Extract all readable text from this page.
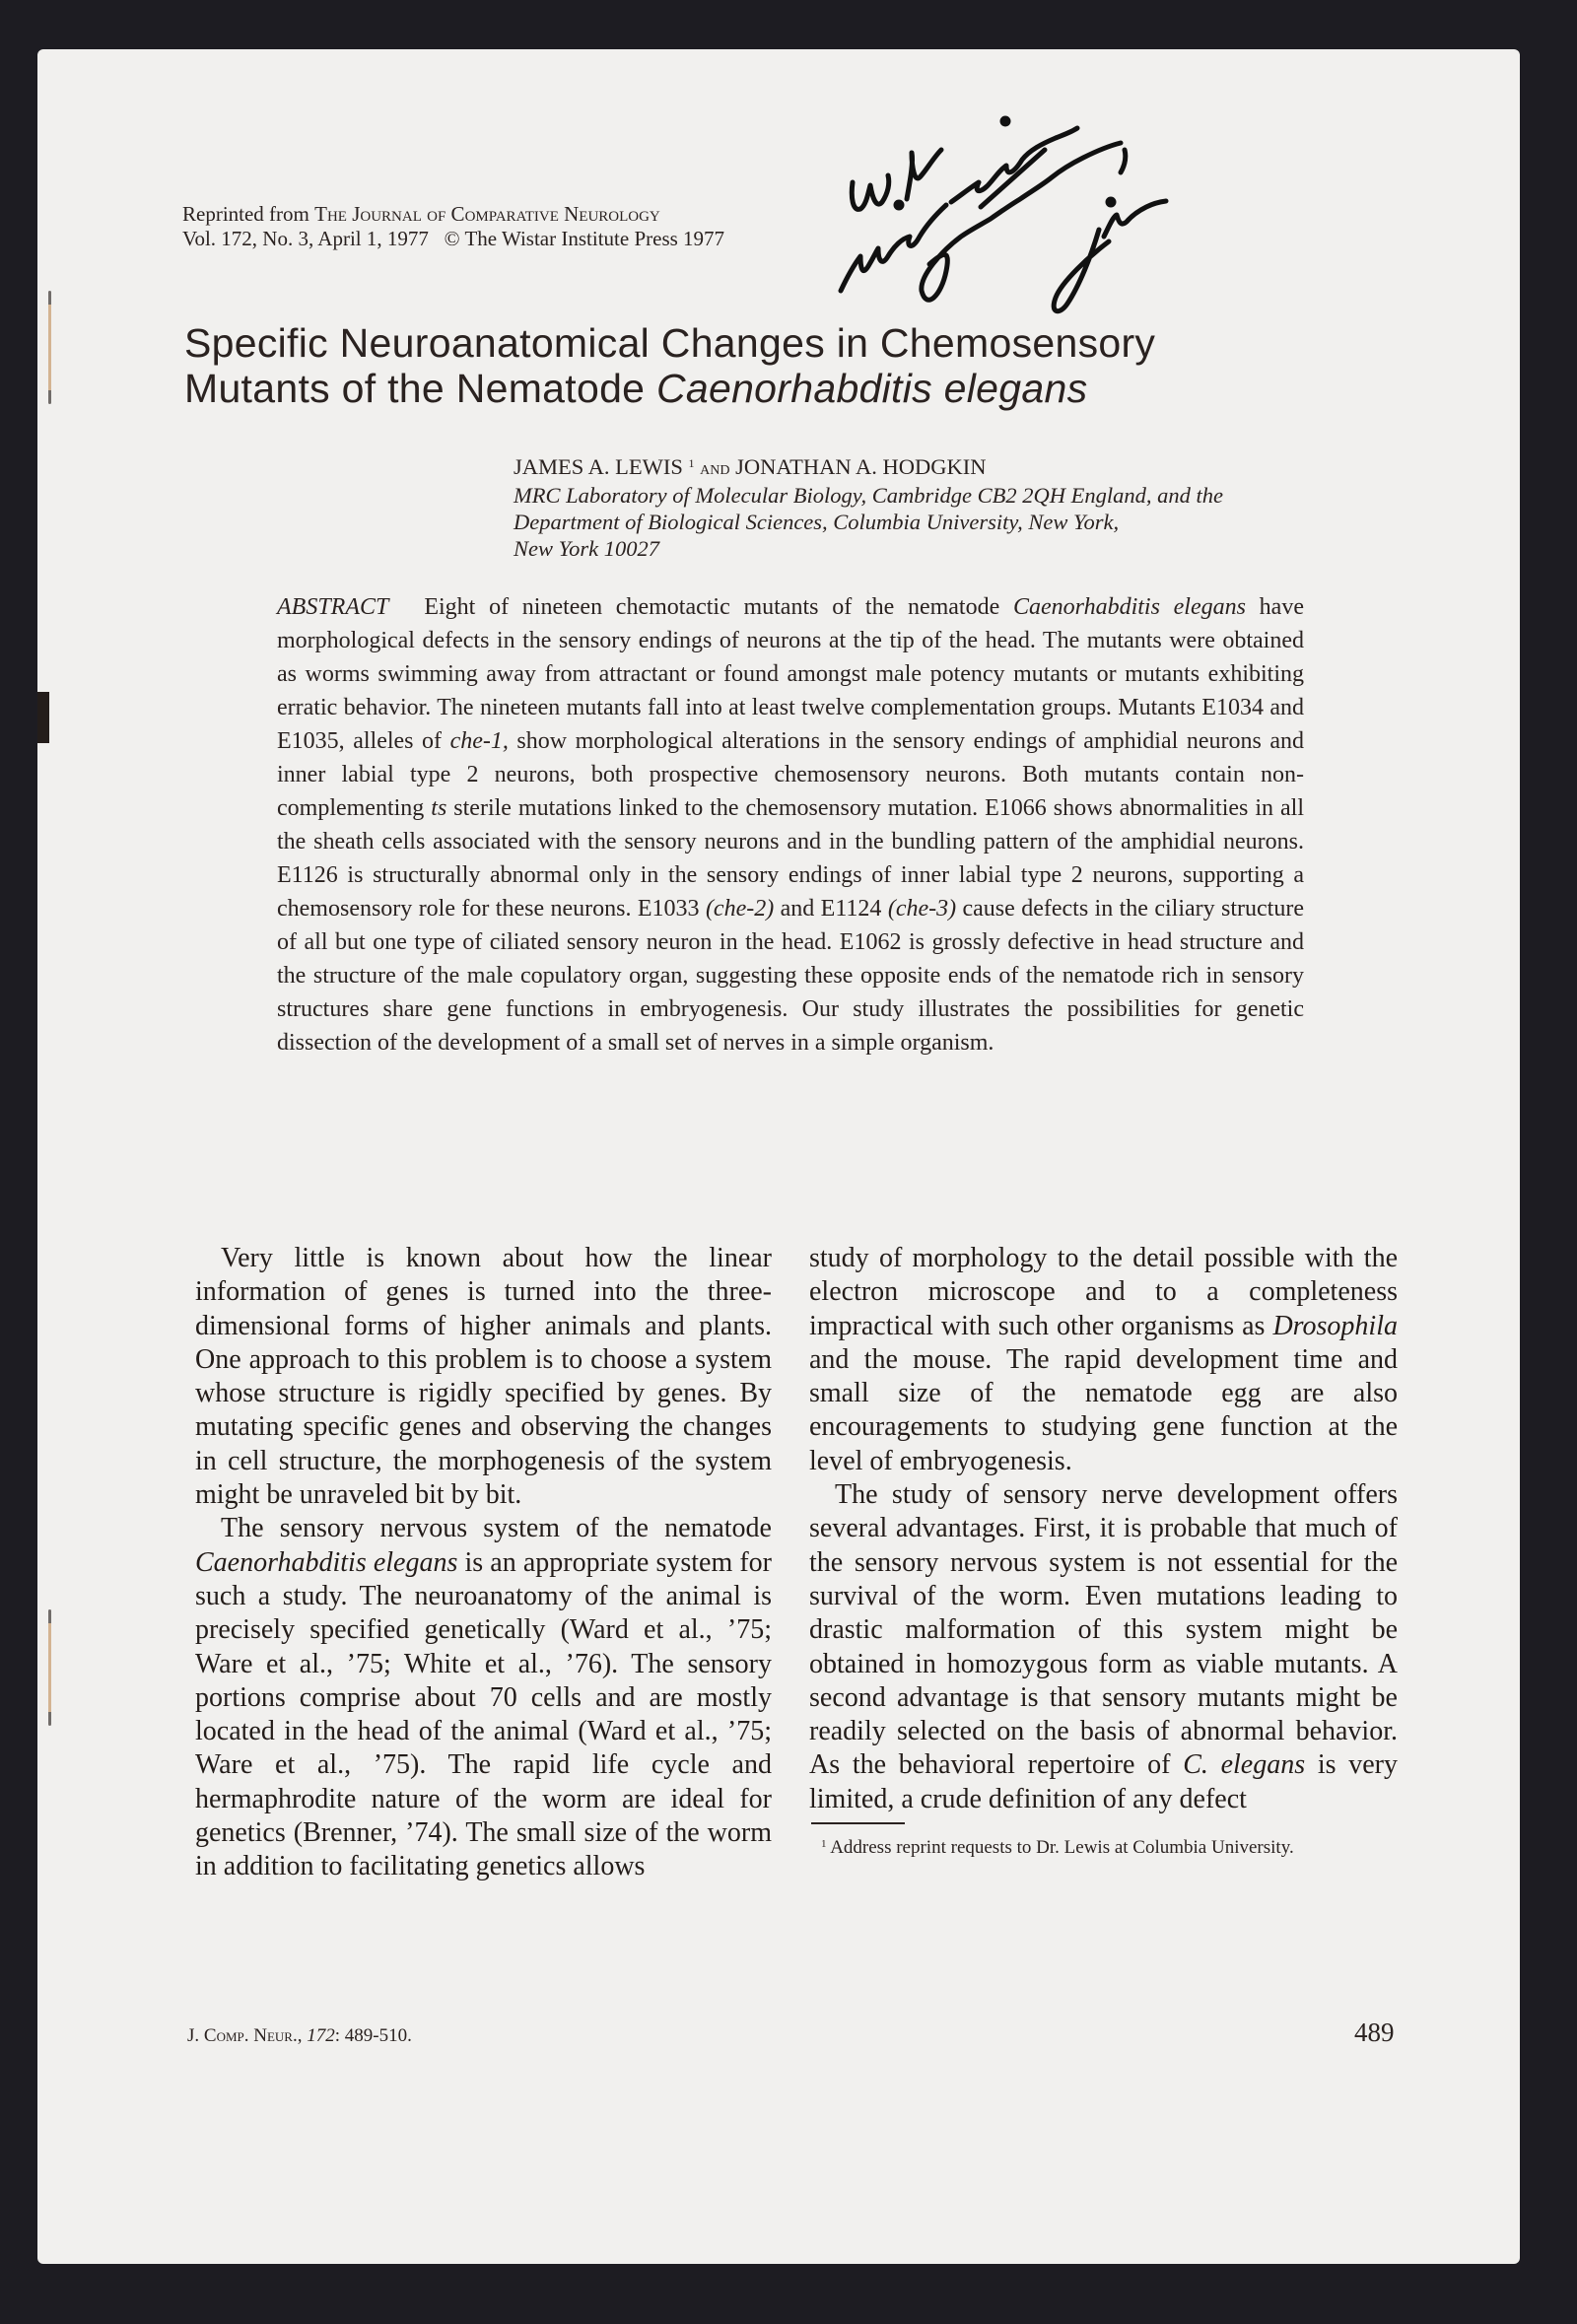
Reprinted from The Journal of Comparative Neurology
Vol. 172, No. 3, April 1, 1977 © The Wistar Institute Press 1977
Specific Neuroanatomical Changes in Chemosensory
Mutants of the Nematode Caenorhabditis elegans
JAMES A. LEWIS $^1$ and JONATHAN A. HODGKIN
MRC Laboratory of Molecular Biology, Cambridge CB2 2QH England, and the
Department of Biological Sciences, Columbia University, New York,
New York 10027
ABSTRACT Eight of nineteen chemotactic mutants of the nematode Caenorhabditis elegans have morphological defects in the sensory endings of neurons at the tip of the head. The mutants were obtained as worms swimming away from attractant or found amongst male potency mutants or mutants exhibiting erratic behavior. The nineteen mutants fall into at least twelve complementation groups. Mutants E1034 and E1035, alleles of che-1, show morphological alterations in the sensory endings of amphidial neurons and inner labial type 2 neurons, both prospective chemosensory neurons. Both mutants contain non-complementing ts sterile mutations linked to the chemosensory mutation. E1066 shows abnormalities in all the sheath cells associated with the sensory neurons and in the bundling pattern of the amphidial neurons. E1126 is structurally abnormal only in the sensory endings of inner labial type 2 neurons, supporting a chemosensory role for these neurons. E1033 (che-2) and E1124 (che-3) cause defects in the ciliary structure of all but one type of ciliated sensory neuron in the head. E1062 is grossly defective in head structure and the structure of the male copulatory organ, suggesting these opposite ends of the nematode rich in sensory structures share gene functions in embryogenesis. Our study illustrates the possibilities for genetic dissection of the development of a small set of nerves in a simple organism.

Very little is known about how the linear information of genes is turned into the three-dimensional forms of higher animals and plants. One approach to this problem is to choose a system whose structure is rigidly specified by genes. By mutating specific genes and observing the changes in cell structure, the morphogenesis of the system might be unraveled bit by bit.

The sensory nervous system of the nematode Caenorhabditis elegans is an appropriate system for such a study. The neuroanatomy of the animal is precisely specified genetically (Ward et al., ’75; Ware et al., ’75; White et al., ’76). The sensory portions comprise about 70 cells and are mostly located in the head of the animal (Ward et al., ’75; Ware et al., ’75). The rapid life cycle and hermaphrodite nature of the worm are ideal for genetics (Brenner, ’74). The small size of the worm in addition to facilitating genetics allows

study of morphology to the detail possible with the electron microscope and to a completeness impractical with such other organisms as Drosophila and the mouse. The rapid development time and small size of the nematode egg are also encouragements to studying gene function at the level of embryogenesis.

The study of sensory nerve development offers several advantages. First, it is probable that much of the sensory nervous system is not essential for the survival of the worm. Even mutations leading to drastic malformation of this system might be obtained in homozygous form as viable mutants. A second advantage is that sensory mutants might be readily selected on the basis of abnormal behavior. As the behavioral repertoire of C. elegans is very limited, a crude definition of any defect

$^1$ Address reprint requests to Dr. Lewis at Columbia University.
J. Comp. Neur., 172: 489-510.	489
